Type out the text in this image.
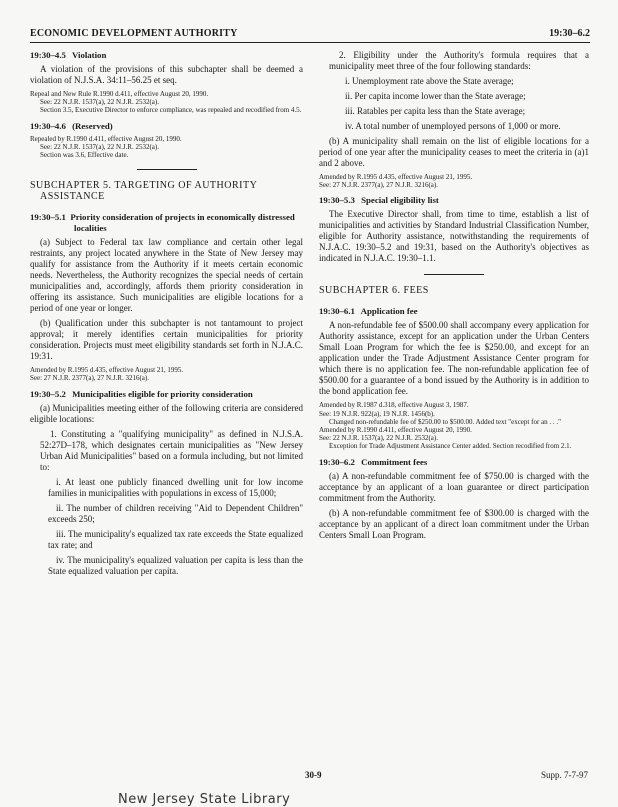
ECONOMIC DEVELOPMENT AUTHORITY	19:30–6.2
19:30–4.5 Violation

A violation of the provisions of this subchapter shall be deemed a violation of N.J.S.A. 34:11–56.25 et seq.

Repeal and New Rule R.1990 d.411, effective August 20, 1990.
See: 22 N.J.R. 1537(a), 22 N.J.R. 2532(a).
Section 3.5, Executive Director to enforce compliance, was repealed and recodified from 4.5.
19:30–4.6 (Reserved)
Repealed by R.1990 d.411, effective August 20, 1990.
See: 22 N.J.R. 1537(a), 22 N.J.R. 2532(a).
Section was 3.6, Effective date.
SUBCHAPTER 5. TARGETING OF AUTHORITY ASSISTANCE
19:30–5.1 Priority consideration of projects in economically distressed localities

(a) Subject to Federal tax law compliance and certain other legal restraints, any project located anywhere in the State of New Jersey may qualify for assistance from the Authority if it meets certain economic needs. Nevertheless, the Authority recognizes the special needs of certain municipalities and, accordingly, affords them priority consideration in offering its assistance. Such municipalities are eligible locations for a period of one year or longer.

(b) Qualification under this subchapter is not tantamount to project approval; it merely identifies certain municipalities for priority consideration. Projects must meet eligibility standards set forth in N.J.A.C. 19:31.

Amended by R.1995 d.435, effective August 21, 1995.
See: 27 N.J.R. 2377(a), 27 N.J.R. 3216(a).
19:30–5.2 Municipalities eligible for priority consideration

(a) Municipalities meeting either of the following criteria are considered eligible locations:

1. Constituting a "qualifying municipality" as defined in N.J.S.A. 52:27D–178, which designates certain municipalities as "New Jersey Urban Aid Municipalities" based on a formula including, but not limited to:
i. At least one publicly financed dwelling unit for low income families in municipalities with populations in excess of 15,000;
ii. The number of children receiving "Aid to Dependent Children" exceeds 250;
iii. The municipality's equalized tax rate exceeds the State equalized tax rate; and
iv. The municipality's equalized valuation per capita is less than the State equalized valuation per capita.
2. Eligibility under the Authority's formula requires that a municipality meet three of the four following standards:
i. Unemployment rate above the State average;
ii. Per capita income lower than the State average;
iii. Ratables per capita less than the State average;
iv. A total number of unemployed persons of 1,000 or more.

(b) A municipality shall remain on the list of eligible locations for a period of one year after the municipality ceases to meet the criteria in (a)1 and 2 above.

Amended by R.1995 d.435, effective August 21, 1995.
See: 27 N.J.R. 2377(a), 27 N.J.R. 3216(a).
19:30–5.3 Special eligibility list

The Executive Director shall, from time to time, establish a list of municipalities and activities by Standard Industrial Classification Number, eligible for Authority assistance, notwithstanding the requirements of N.J.A.C. 19:30–5.2 and 19:31, based on the Authority's objectives as indicated in N.J.A.C. 19:30–1.1.

SUBCHAPTER 6. FEES
19:30–6.1 Application fee

A non-refundable fee of $500.00 shall accompany every application for Authority assistance, except for an application under the Urban Centers Small Loan Program for which the fee is $250.00, and except for an application under the Trade Adjustment Assistance Center program for which there is no application fee. The non-refundable application fee of $500.00 for a guarantee of a bond issued by the Authority is in addition to the bond application fee.

Amended by R.1987 d.318, effective August 3, 1987.
See: 19 N.J.R. 922(a), 19 N.J.R. 1456(b).
Changed non-refundable fee of $250.00 to $500.00. Added text "except for an . . ."
Amended by R.1990 d.411, effective August 20, 1990.
See: 22 N.J.R. 1537(a), 22 N.J.R. 2532(a).
Exception for Trade Adjustment Assistance Center added. Section recodified from 2.1.
19:30–6.2 Commitment fees

(a) A non-refundable commitment fee of $750.00 is charged with the acceptance by an applicant of a loan guarantee or direct participation commitment from the Authority.

(b) A non-refundable commitment fee of $300.00 is charged with the acceptance by an applicant of a direct loan commitment under the Urban Centers Small Loan Program.

30-9	Supp. 7-7-97
New Jersey State Library
